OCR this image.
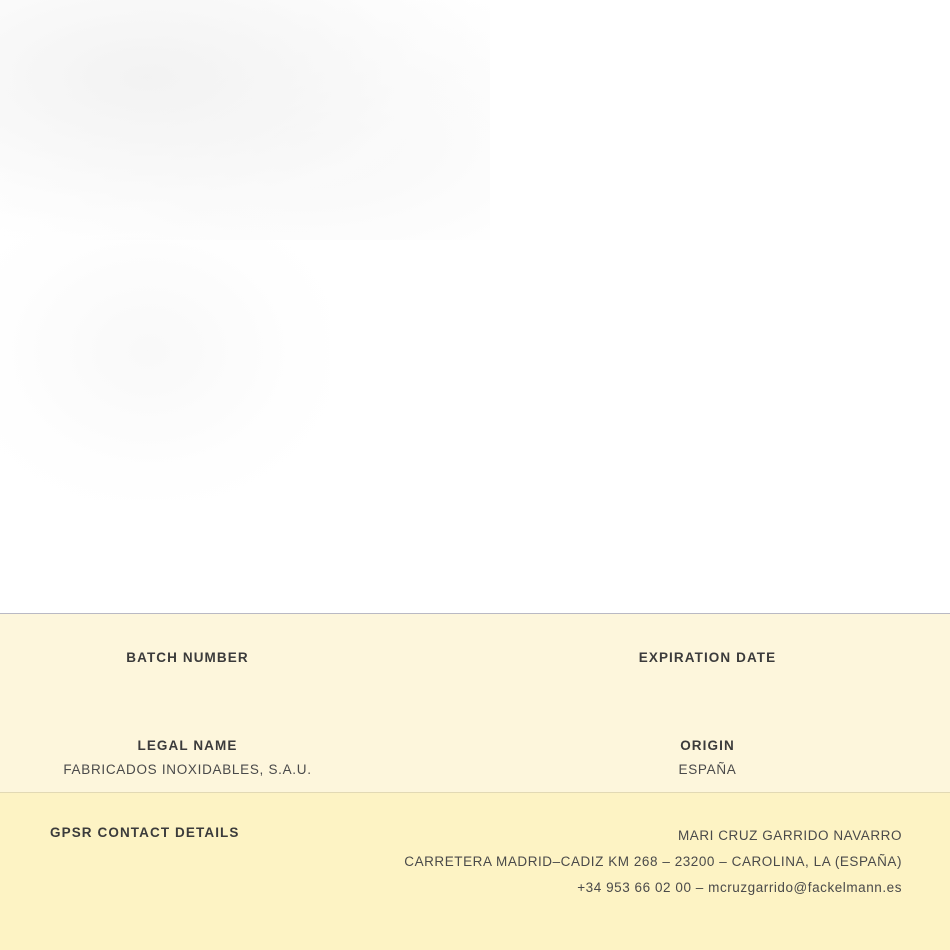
BATCH NUMBER	EXPIRATION DATE
LEGAL NAME
FABRICADOS INOXIDABLES, S.A.U.
ORIGIN
ESPAÑA
GPSR CONTACT DETAILS	MARI CRUZ GARRIDO NAVARRO
CARRETERA MADRID–CADIZ KM 268 – 23200 – CAROLINA, LA (ESPAÑA)
+34 953 66 02 00 – mcruzgarrido@fackelmann.es
